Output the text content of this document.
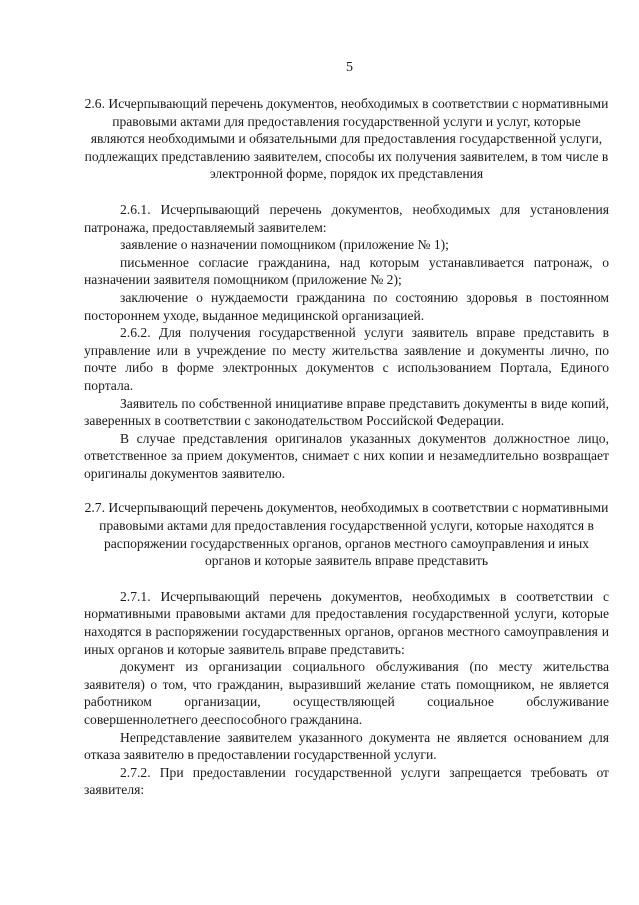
5

2.6. Исчерпывающий перечень документов, необходимых в соответствии с нормативными правовыми актами для предоставления государственной услуги и услуг, которые являются необходимыми и обязательными для предоставления государственной услуги, подлежащих представлению заявителем, способы их получения заявителем, в том числе в электронной форме, порядок их представления

2.6.1. Исчерпывающий перечень документов, необходимых для установления патронажа, предоставляемый заявителем:

заявление о назначении помощником (приложение № 1);

письменное согласие гражданина, над которым устанавливается патронаж, о назначении заявителя помощником (приложение № 2);

заключение о нуждаемости гражданина по состоянию здоровья в постоянном постороннем уходе, выданное медицинской организацией.

2.6.2. Для получения государственной услуги заявитель вправе представить в управление или в учреждение по месту жительства заявление и документы лично, по почте либо в форме электронных документов с использованием Портала, Единого портала.

Заявитель по собственной инициативе вправе представить документы в виде копий, заверенных в соответствии с законодательством Российской Федерации.

В случае представления оригиналов указанных документов должностное лицо, ответственное за прием документов, снимает с них копии и незамедлительно возвращает оригиналы документов заявителю.

2.7. Исчерпывающий перечень документов, необходимых в соответствии с нормативными правовыми актами для предоставления государственной услуги, которые находятся в распоряжении государственных органов, органов местного самоуправления и иных органов и которые заявитель вправе представить

2.7.1. Исчерпывающий перечень документов, необходимых в соответствии с нормативными правовыми актами для предоставления государственной услуги, которые находятся в распоряжении государственных органов, органов местного самоуправления и иных органов и которые заявитель вправе представить:

документ из организации социального обслуживания (по месту жительства заявителя) о том, что гражданин, выразивший желание стать помощником, не является работником организации, осуществляющей социальное обслуживание совершеннолетнего дееспособного гражданина.

Непредставление заявителем указанного документа не является основанием для отказа заявителю в предоставлении государственной услуги.

2.7.2. При предоставлении государственной услуги запрещается требовать от заявителя:
